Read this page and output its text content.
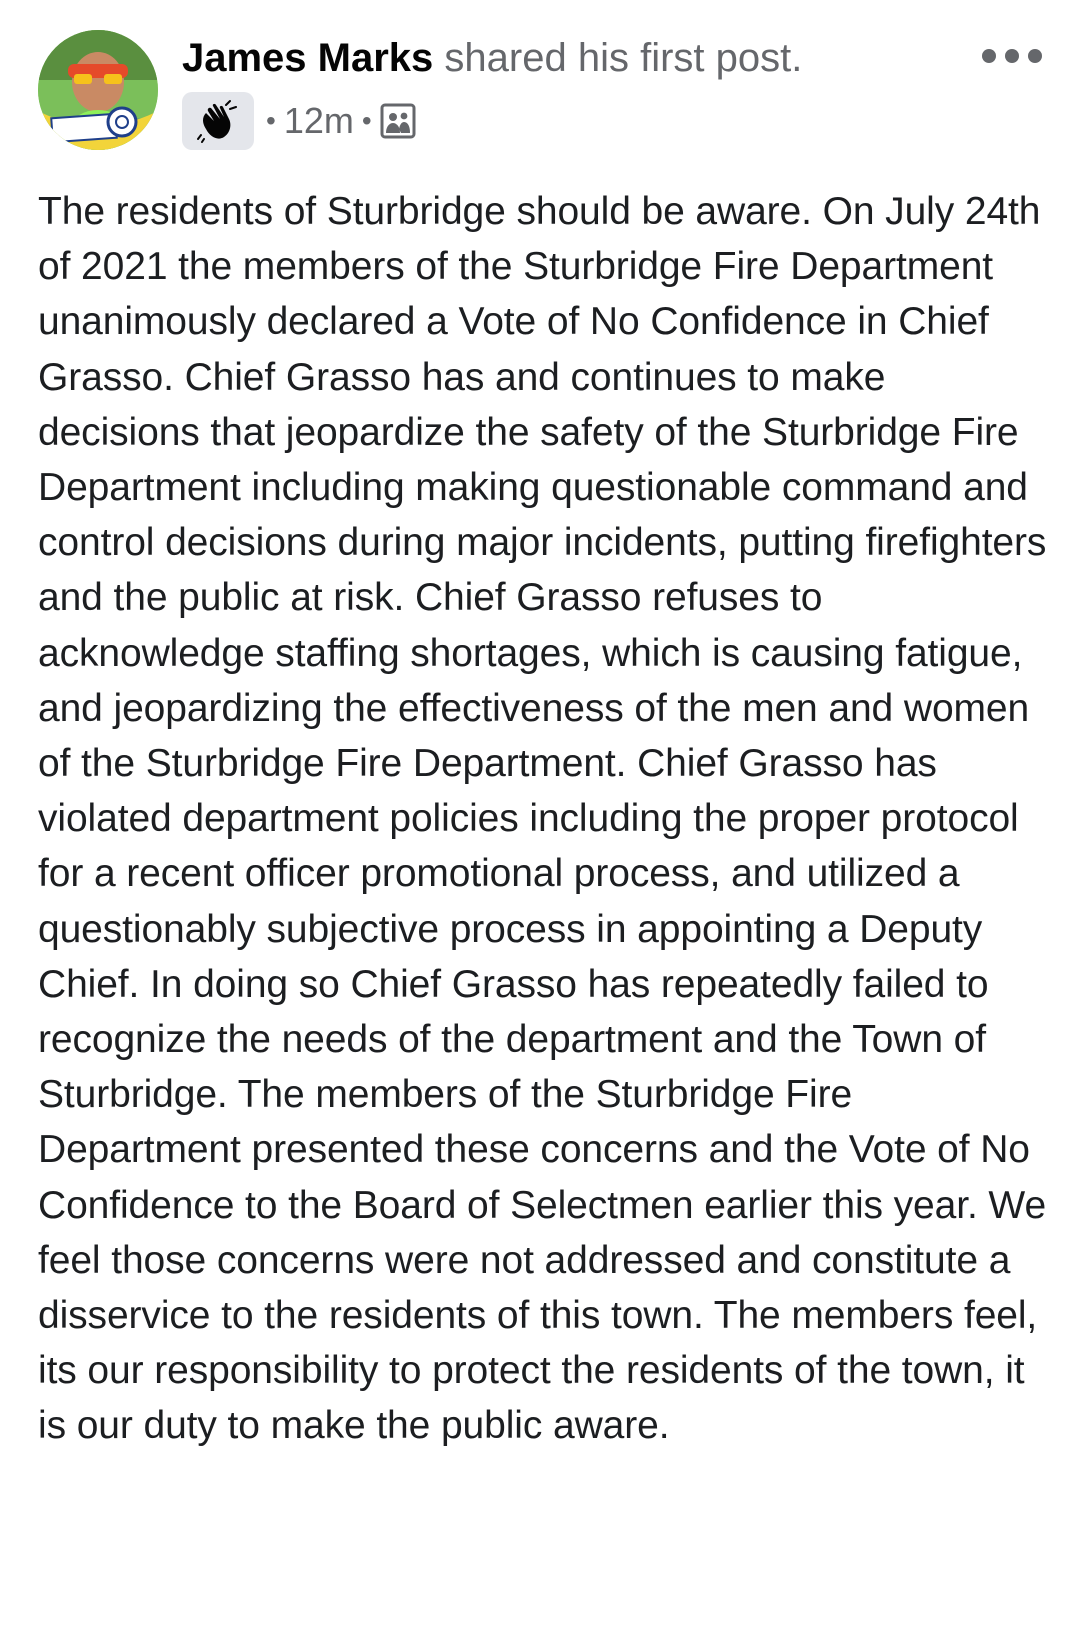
James Marks shared his first post.
• 12m •
The residents of Sturbridge should be aware. On July 24th of 2021 the members of the Sturbridge Fire Department unanimously declared a Vote of No Confidence in Chief Grasso. Chief Grasso has and continues to make decisions that jeopardize the safety of the Sturbridge Fire Department including making questionable command and control decisions during major incidents, putting firefighters and the public at risk. Chief Grasso refuses to acknowledge staffing shortages, which is causing fatigue, and jeopardizing the effectiveness of the men and women of the Sturbridge Fire Department. Chief Grasso has violated department policies including the proper protocol for a recent officer promotional process, and utilized a questionably subjective process in appointing a Deputy Chief. In doing so Chief Grasso has repeatedly failed to recognize the needs of the department and the Town of Sturbridge. The members of the Sturbridge Fire Department presented these concerns and the Vote of No Confidence to the Board of Selectmen earlier this year. We feel those concerns were not addressed and constitute a disservice to the residents of this town. The members feel, its our responsibility to protect the residents of the town, it is our duty to make the public aware.
